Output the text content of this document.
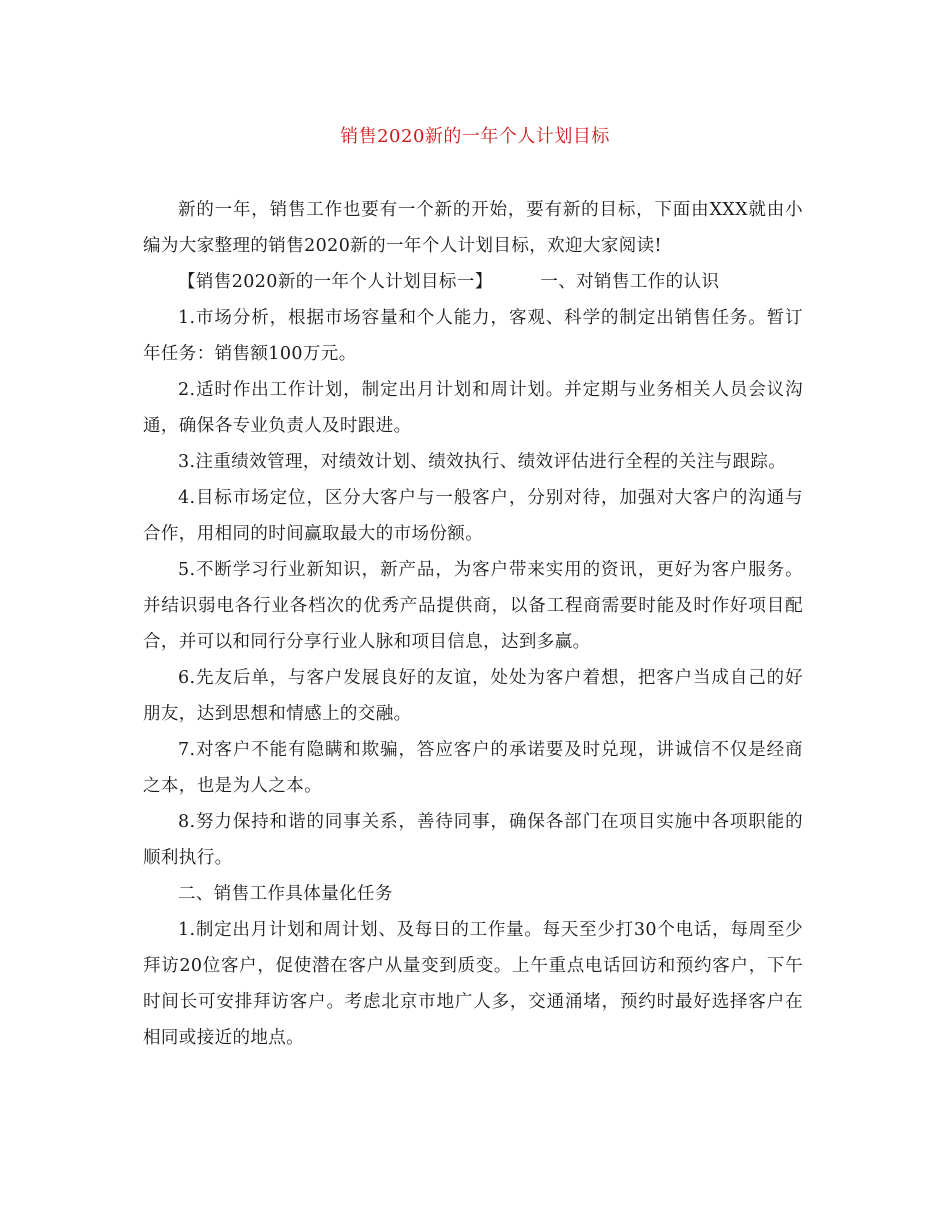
销售2020新的一年个人计划目标

新的一年，销售工作也要有一个新的开始，要有新的目标，下面由XXX就由小编为大家整理的销售2020新的一年个人计划目标，欢迎大家阅读!

【销售2020新的一年个人计划目标一】	一、对销售工作的认识

1.市场分析，根据市场容量和个人能力，客观、科学的制定出销售任务。暂订年任务：销售额100万元。

2.适时作出工作计划，制定出月计划和周计划。并定期与业务相关人员会议沟通，确保各专业负责人及时跟进。

3.注重绩效管理，对绩效计划、绩效执行、绩效评估进行全程的关注与跟踪。

4.目标市场定位，区分大客户与一般客户，分别对待，加强对大客户的沟通与合作，用相同的时间赢取最大的市场份额。

5.不断学习行业新知识，新产品，为客户带来实用的资讯，更好为客户服务。并结识弱电各行业各档次的优秀产品提供商，以备工程商需要时能及时作好项目配合，并可以和同行分享行业人脉和项目信息，达到多赢。

6.先友后单，与客户发展良好的友谊，处处为客户着想，把客户当成自己的好朋友，达到思想和情感上的交融。

7.对客户不能有隐瞒和欺骗，答应客户的承诺要及时兑现，讲诚信不仅是经商之本，也是为人之本。

8.努力保持和谐的同事关系，善待同事，确保各部门在项目实施中各项职能的顺利执行。

二、销售工作具体量化任务

1.制定出月计划和周计划、及每日的工作量。每天至少打30个电话，每周至少拜访20位客户，促使潜在客户从量变到质变。上午重点电话回访和预约客户，下午时间长可安排拜访客户。考虑北京市地广人多，交通涌堵，预约时最好选择客户在相同或接近的地点。
